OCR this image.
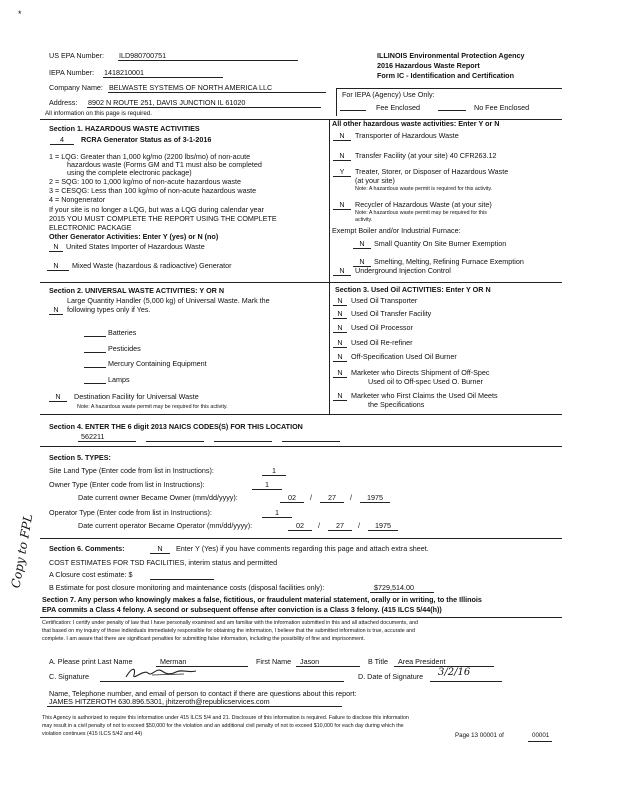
*
US EPA Number: ILD980700751
IEPA Number: 1418210001
Company Name: BELWASTE SYSTEMS OF NORTH AMERICA LLC
Address: 8902 N ROUTE 251, DAVIS JUNCTION IL 61020
All information on this page is required.
ILLINOIS Environmental Protection Agency
2016 Hazardous Waste Report
Form IC - Identification and Certification
For IEPA (Agency) Use Only:
Fee Enclosed	No Fee Enclosed
Section 1. HAZARDOUS WASTE ACTIVITIES
4	RCRA Generator Status as of 3-1-2016
1 = LQG: Greater than 1,000 kg/mo (2200 lbs/mo) of non-acute
hazardous waste (Forms GM and T1 must also be completed
using the complete electronic package)
2 = SQG: 100 to 1,000 kg/mo of non-acute hazardous waste
3 = CESQG: Less than 100 kg/mo of non-acute hazardous waste
4 = Nongenerator
If your site is no longer a LQG, but was a LQG during calendar year
2015 YOU MUST COMPLETE THE REPORT USING THE COMPLETE
ELECTRONIC PACKAGE
Other Generator Activities: Enter Y (yes) or N (no)
N	United States Importer of Hazardous Waste
N	Mixed Waste (hazardous & radioactive) Generator
All other hazardous waste activities: Enter Y or N
N	Transporter of Hazardous Waste
N	Transfer Facility (at your site) 40 CFR263.12
Y	Treater, Storer, or Disposer of Hazardous Waste
(at your site)
Note: A hazardous waste permit is required for this activity.
N	Recycler of Hazardous Waste (at your site)
Note: A hazardous waste permit may be required for this
activity.
Exempt Boiler and/or Industrial Furnace:
N	Small Quantity On Site Burner Exemption
N	Smelting, Melting, Refining Furnace Exemption
N	Underground Injection Control
Section 2. UNIVERSAL WASTE ACTIVITIES: Y OR N
Large Quantity Handler (5,000 kg) of Universal Waste. Mark the
N	following types only if Yes.
Batteries
Pesticides
Mercury Containing Equipment
Lamps
N	Destination Facility for Universal Waste
Note: A hazardous waste permit may be required for this activity.
Section 3. Used Oil ACTIVITIES: Enter Y OR N
N	Used Oil Transporter
N	Used Oil Transfer Facility
N	Used Oil Processor
N	Used Oil Re-refiner
N	Off-Specification Used Oil Burner
N	Marketer who Directs Shipment of Off-Spec
Used oil to Off-spec Used O. Burner
N	Marketer who First Claims the Used Oil Meets
the Specifications
Section 4. ENTER THE 6 digit 2013 NAICS CODES(S) FOR THIS LOCATION
562211
Section 5. TYPES:
Site Land Type (Enter code from list in Instructions):	1
Owner Type (Enter code from list in Instructions):	1
Date current owner Became Owner (mm/dd/yyyy):	02	/	27	/	1975
Operator Type (Enter code from list in Instructions):	1
Date current operator Became Operator (mm/dd/yyyy):	02	/	27	/	1975
Section 6. Comments:	N	Enter Y (Yes) if you have comments regarding this page and attach extra sheet.
COST ESTIMATES FOR TSD FACILITIES, interim status and permitted
A Closure cost estimate: $
B Estimate for post closure monitoring and maintenance costs (disposal facilities only):	$729,514.00
Section 7. Any person who knowingly makes a false, fictitious, or fraudulent material statement, orally or in writing, to the Illinois
EPA commits a Class 4 felony. A second or subsequent offense after conviction is a Class 3 felony. (415 ILCS 5/44(h))
Certification: I certify under penalty of law that I have personally examined and am familiar with the information submitted in this and all attached documents, and
that based on my inquiry of those individuals immediately responsible for obtaining the information, I believe that the submitted information is true, accurate and
complete. I am aware that there are significant penalties for submitting false information, including the possibility of fine and imprisonment.
A. Please print Last Name	Merman	First Name Jason	B Title Area President
C. Signature	D. Date of Signature 3/2/16
Name, Telephone number, and email of person to contact if there are questions about this report:
JAMES HITZEROTH 630.896.5301, jhitzeroth@republicservices.com
This Agency is authorized to require this information under 415 ILCS 5/4 and 21. Disclosure of this information is required. Failure to disclose this information
may result in a civil penalty of not to exceed $50,000 for the violation and an additional civil penalty of not to exceed $10,000 for each day during which the
violation continues (415 ILCS 5/42 and 44)	Page 13 00001 of	00001
Copy to FPL
